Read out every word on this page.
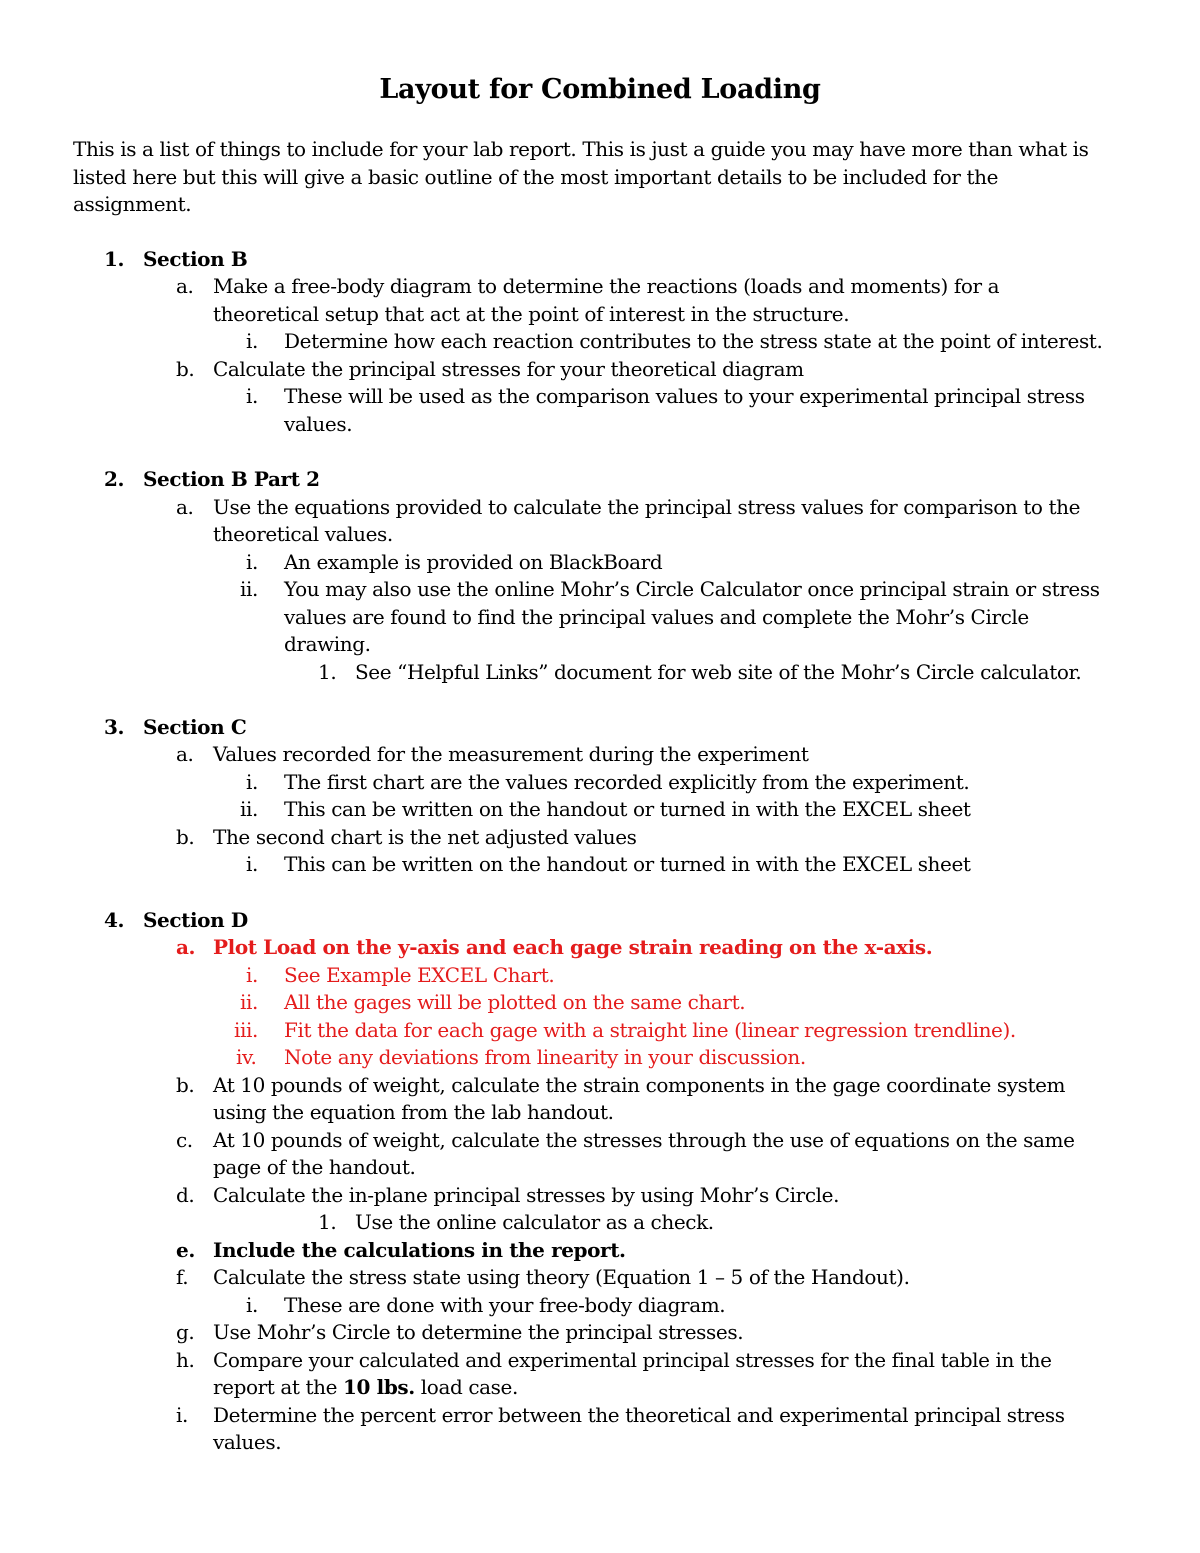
Layout for Combined Loading
This is a list of things to include for your lab report. This is just a guide you may have more than what is
listed here but this will give a basic outline of the most important details to be included for the
assignment.
1. Section B
a. Make a free-body diagram to determine the reactions (loads and moments) for a
theoretical setup that act at the point of interest in the structure.
i. Determine how each reaction contributes to the stress state at the point of interest.
b. Calculate the principal stresses for your theoretical diagram
i. These will be used as the comparison values to your experimental principal stress
values.
2. Section B Part 2
a. Use the equations provided to calculate the principal stress values for comparison to the
theoretical values.
i. An example is provided on BlackBoard
ii. You may also use the online Mohr’s Circle Calculator once principal strain or stress
values are found to find the principal values and complete the Mohr’s Circle
drawing.
1. See “Helpful Links” document for web site of the Mohr’s Circle calculator.
3. Section C
a. Values recorded for the measurement during the experiment
i. The first chart are the values recorded explicitly from the experiment.
ii. This can be written on the handout or turned in with the EXCEL sheet
b. The second chart is the net adjusted values
i. This can be written on the handout or turned in with the EXCEL sheet
4. Section D
a. Plot Load on the y-axis and each gage strain reading on the x-axis.
i. See Example EXCEL Chart.
ii. All the gages will be plotted on the same chart.
iii. Fit the data for each gage with a straight line (linear regression trendline).
iv. Note any deviations from linearity in your discussion.
b. At 10 pounds of weight, calculate the strain components in the gage coordinate system
using the equation from the lab handout.
c. At 10 pounds of weight, calculate the stresses through the use of equations on the same
page of the handout.
d. Calculate the in-plane principal stresses by using Mohr’s Circle.
1. Use the online calculator as a check.
e. Include the calculations in the report.
f. Calculate the stress state using theory (Equation 1 – 5 of the Handout).
i. These are done with your free-body diagram.
g. Use Mohr’s Circle to determine the principal stresses.
h. Compare your calculated and experimental principal stresses for the final table in the
report at the 10 lbs. load case.
i. Determine the percent error between the theoretical and experimental principal stress
values.
